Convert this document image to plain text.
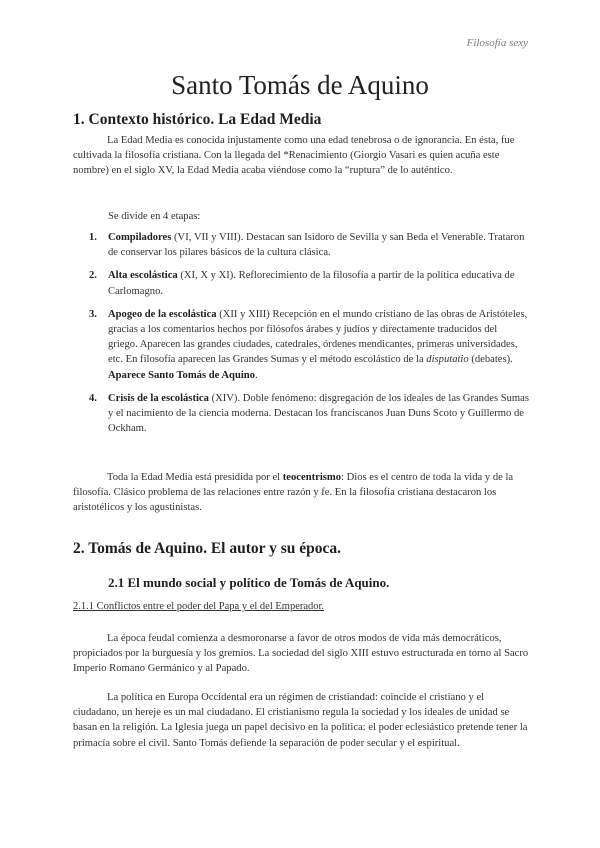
Filosofía sexy
Santo Tomás de Aquino
1. Contexto histórico. La Edad Media
La Edad Media es conocida injustamente como una edad tenebrosa o de ignorancia. En ésta, fue cultivada la filosofía cristiana. Con la llegada del *Renacimiento (Giorgio Vasari es quien acuña este nombre) en el siglo XV, la Edad Media acaba viéndose como la “ruptura” de lo auténtico.
Se divide en 4 etapas:
1. Compiladores (VI, VII y VIII). Destacan san Isidoro de Sevilla y san Beda el Venerable. Trataron de conservar los pilares básicos de la cultura clásica.
2. Alta escolástica (XI, X y XI). Reflorecimiento de la filosofía a partir de la política educativa de Carlomagno.
3. Apogeo de la escolástica (XII y XIII) Recepción en el mundo cristiano de las obras de Aristóteles, gracias a los comentarios hechos por filósofos árabes y judíos y directamente traducidos del griego. Aparecen las grandes ciudades, catedrales, órdenes mendicantes, primeras universidades, etc. En filosofía aparecen las Grandes Sumas y el método escolástico de la disputatio (debates). Aparece Santo Tomás de Aquino.
4. Crisis de la escolástica (XIV). Doble fenómeno: disgregación de los ideales de las Grandes Sumas y el nacimiento de la ciencia moderna. Destacan los franciscanos Juan Duns Scoto y Guillermo de Ockham.
Toda la Edad Media está presidida por el teocentrismo: Dios es el centro de toda la vida y de la filosofía. Clásico problema de las relaciones entre razón y fe. En la filosofía cristiana destacaron los aristotélicos y los agustinistas.
2. Tomás de Aquino. El autor y su época.
2.1 El mundo social y político de Tomás de Aquino.
2.1.1 Conflictos entre el poder del Papa y el del Emperador.
La época feudal comienza a desmoronarse a favor de otros modos de vida más democráticos, propiciados por la burguesía y los gremios. La sociedad del siglo XIII estuvo estructurada en torno al Sacro Imperio Romano Germánico y al Papado.
La política en Europa Occidental era un régimen de cristiandad: coincide el cristiano y el ciudadano, un hereje es un mal ciudadano. El cristianismo regula la sociedad y los ideales de unidad se basan en la religión. La Iglesia juega un papel decisivo en la política: el poder eclesiástico pretende tener la primacía sobre el civil. Santo Tomás defiende la separación de poder secular y el espiritual.
